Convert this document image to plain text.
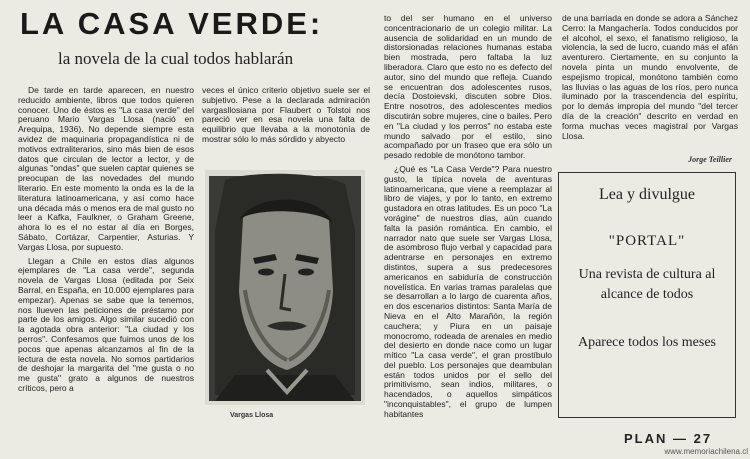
LA CASA VERDE:
la novela de la cual todos hablarán

De tarde en tarde aparecen, en nuestro reducido ambiente, libros que todos quieren conocer. Uno de éstos es "La casa verde" del peruano Mario Vargas Llosa (nació en Arequipa, 1936). No depende siempre esta avidez de maquinaria propagandística ni de motivos extraliterarios, sino más bien de esos datos que circulan de lector a lector, y de algunas "ondas" que suelen captar quienes se preocupan de las novedades del mundo literario. En este momento la onda es la de la literatura latinoamericana, y así como hace una década más o menos era de mal gusto no leer a Kafka, Faulkner, o Graham Greene, ahora lo es el no estar al día en Borges, Sábato, Cortázar, Carpentier, Asturias. Y Vargas Llosa, por supuesto.

Llegan a Chile en estos días algunos ejemplares de "La casa verde", segunda novela de Vargas Llosa (editada por Seix Barral, en España, en 10.000 ejemplares para empezar). Apenas se sabe que la tenemos, nos llueven las peticiones de préstamo por parte de los amigos. Algo similar sucedió con la agotada obra anterior: "La ciudad y los perros". Confesamos que fuimos unos de los pocos que apenas alcanzamos al fin de la lectura de esta novela. No somos partidarios de deshojar la margarita del "me gusta o no me gusta" grato a algunos de nuestros críticos, pero a

veces el único criterio objetivo suele ser el subjetivo. Pese a la declarada admiración vargasllosiana por Flaubert o Tolstoi nos pareció ver en esa novela una falta de equilibrio que llevaba a la monotonía de mostrar sólo lo más sórdido y abyecto

Vargas Llosa

to del ser humano en el universo concentracionario de un colegio militar. La ausencia de solidaridad en un mundo de distorsionadas relaciones humanas estaba bien mostrada, pero faltaba la luz liberadora. Claro que esto no es defecto del autor, sino del mundo que refleja. Cuando se encuentran dos adolescentes rusos, decía Dostoievski, discuten sobre Dios. Entre nosotros, des adolescentes medios discutirán sobre mujeres, cine o bailes. Pero en "La ciudad y los perros" no estaba este mundo salvado por el estilo, sino acompañado por un fraseo que era sólo un pesado redoble de monótono tambor.

¿Qué es "La Casa Verde"? Para nuestro gusto, la típica novela de aventuras latinoamericana, que viene a reemplazar al libro de viajes, y por lo tanto, en extremo gustadora en otras latitudes. Es un poco "La vorágine" de nuestros días, aún cuando falta la pasión romántica. En cambio, el narrador nato que suele ser Vargas Llosa, de asombroso flujo verbal y capacidad para adentrarse en personajes en extremo distintos, supera a sus predecesores americanos en sabiduría de construcción novelística. En varias tramas paralelas que se desarrollan a lo largo de cuarenta años, en dos escenarios distintos: Santa María de Nieva en el Alto Marañón, la región cauchera; y Piura en un paisaje monocromo, rodeada de arenales en medio del desierto en donde nace como un lugar mítico "La casa verde", el gran prostíbulo del pueblo. Los personajes que deambulan están todos unidos por el sello del primitivismo, sean indios, militares, o hacendados, o aquellos simpáticos "inconquistables", el grupo de lumpen habitantes

de una barriada en donde se adora a Sánchez Cerro: la Mangachería. Todos conducidos por el alcohol, el sexo, el fanatismo religioso, la violencia, la sed de lucro, cuando más el afán aventurero. Ciertamente, en su conjunto la novela pinta un mundo envolvente, de espejismo tropical, monótono también como las lluvias o las aguas de los ríos, pero nunca iluminado por la trascendencia del espíritu, por lo demás impropia del mundo "del tercer día de la creación" descrito en verdad en forma muchas veces magistral por Vargas Llosa.

Jorge Teillier
Lea y divulgue
"PORTAL"
Una revista de cultura al alcance de todos
Aparece todos los meses
PLAN — 27
www.memoriachilena.cl
